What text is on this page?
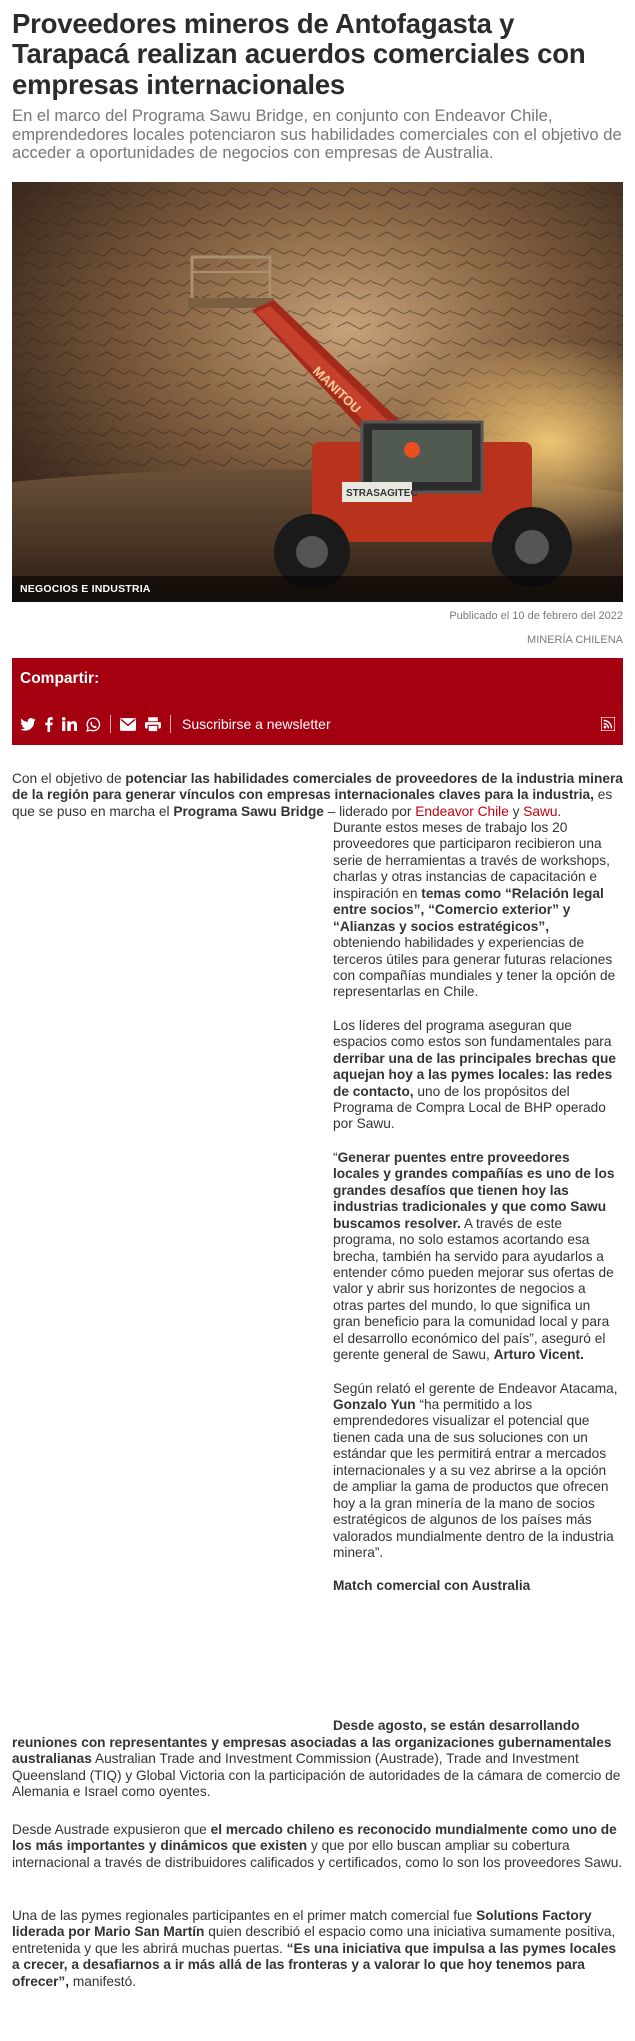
Proveedores mineros de Antofagasta y Tarapacá realizan acuerdos comerciales con empresas internacionales
En el marco del Programa Sawu Bridge, en conjunto con Endeavor Chile, emprendedores locales potenciaron sus habilidades comerciales con el objetivo de acceder a oportunidades de negocios con empresas de Australia.
MANITOU
STRASAGITEC
NEGOCIOS E INDUSTRIA
Publicado el 10 de febrero del 2022
MINERÍA CHILENA
Compartir:
Suscribirse a newsletter
Con el objetivo de potenciar las habilidades comerciales de proveedores de la industria minera de la región para generar vínculos con empresas internacionales claves para la industria, es que se puso en marcha el Programa Sawu Bridge – liderado por Endeavor Chile y Sawu.

Durante estos meses de trabajo los 20 proveedores que participaron recibieron una serie de herramientas a través de workshops, charlas y otras instancias de capacitación e inspiración en temas como “Relación legal entre socios”, “Comercio exterior” y “Alianzas y socios estratégicos”, obteniendo habilidades y experiencias de terceros útiles para generar futuras relaciones con compañías mundiales y tener la opción de representarlas en Chile.

Los líderes del programa aseguran que espacios como estos son fundamentales para derribar una de las principales brechas que aquejan hoy a las pymes locales: las redes de contacto, uno de los propósitos del Programa de Compra Local de BHP operado por Sawu.

“Generar puentes entre proveedores locales y grandes compañías es uno de los grandes desafíos que tienen hoy las industrias tradicionales y que como Sawu buscamos resolver. A través de este programa, no solo estamos acortando esa brecha, también ha servido para ayudarlos a entender cómo pueden mejorar sus ofertas de valor y abrir sus horizontes de negocios a otras partes del mundo, lo que significa un gran beneficio para la comunidad local y para el desarrollo económico del país”, aseguró el gerente general de Sawu, Arturo Vicent.

Según relató el gerente de Endeavor Atacama, Gonzalo Yun “ha permitido a los emprendedores visualizar el potencial que tienen cada una de sus soluciones con un estándar que les permitirá entrar a mercados internacionales y a su vez abrirse a la opción de ampliar la gama de productos que ofrecen hoy a la gran minería de la mano de socios estratégicos de algunos de los países más valorados mundialmente dentro de la industria minera”.

Match comercial con Australia

Desde agosto, se están desarrollando

reuniones con representantes y empresas asociadas a las organizaciones gubernamentales australianas Australian Trade and Investment Commission (Austrade), Trade and Investment Queensland (TIQ) y Global Victoria con la participación de autoridades de la cámara de comercio de Alemania e Israel como oyentes.

Desde Austrade expusieron que el mercado chileno es reconocido mundialmente como uno de los más importantes y dinámicos que existen y que por ello buscan ampliar su cobertura internacional a través de distribuidores calificados y certificados, como lo son los proveedores Sawu.

Una de las pymes regionales participantes en el primer match comercial fue Solutions Factory liderada por Mario San Martín quien describió el espacio como una iniciativa sumamente positiva, entretenida y que les abrirá muchas puertas. “Es una iniciativa que impulsa a las pymes locales a crecer, a desafiarnos a ir más allá de las fronteras y a valorar lo que hoy tenemos para ofrecer”, manifestó.
